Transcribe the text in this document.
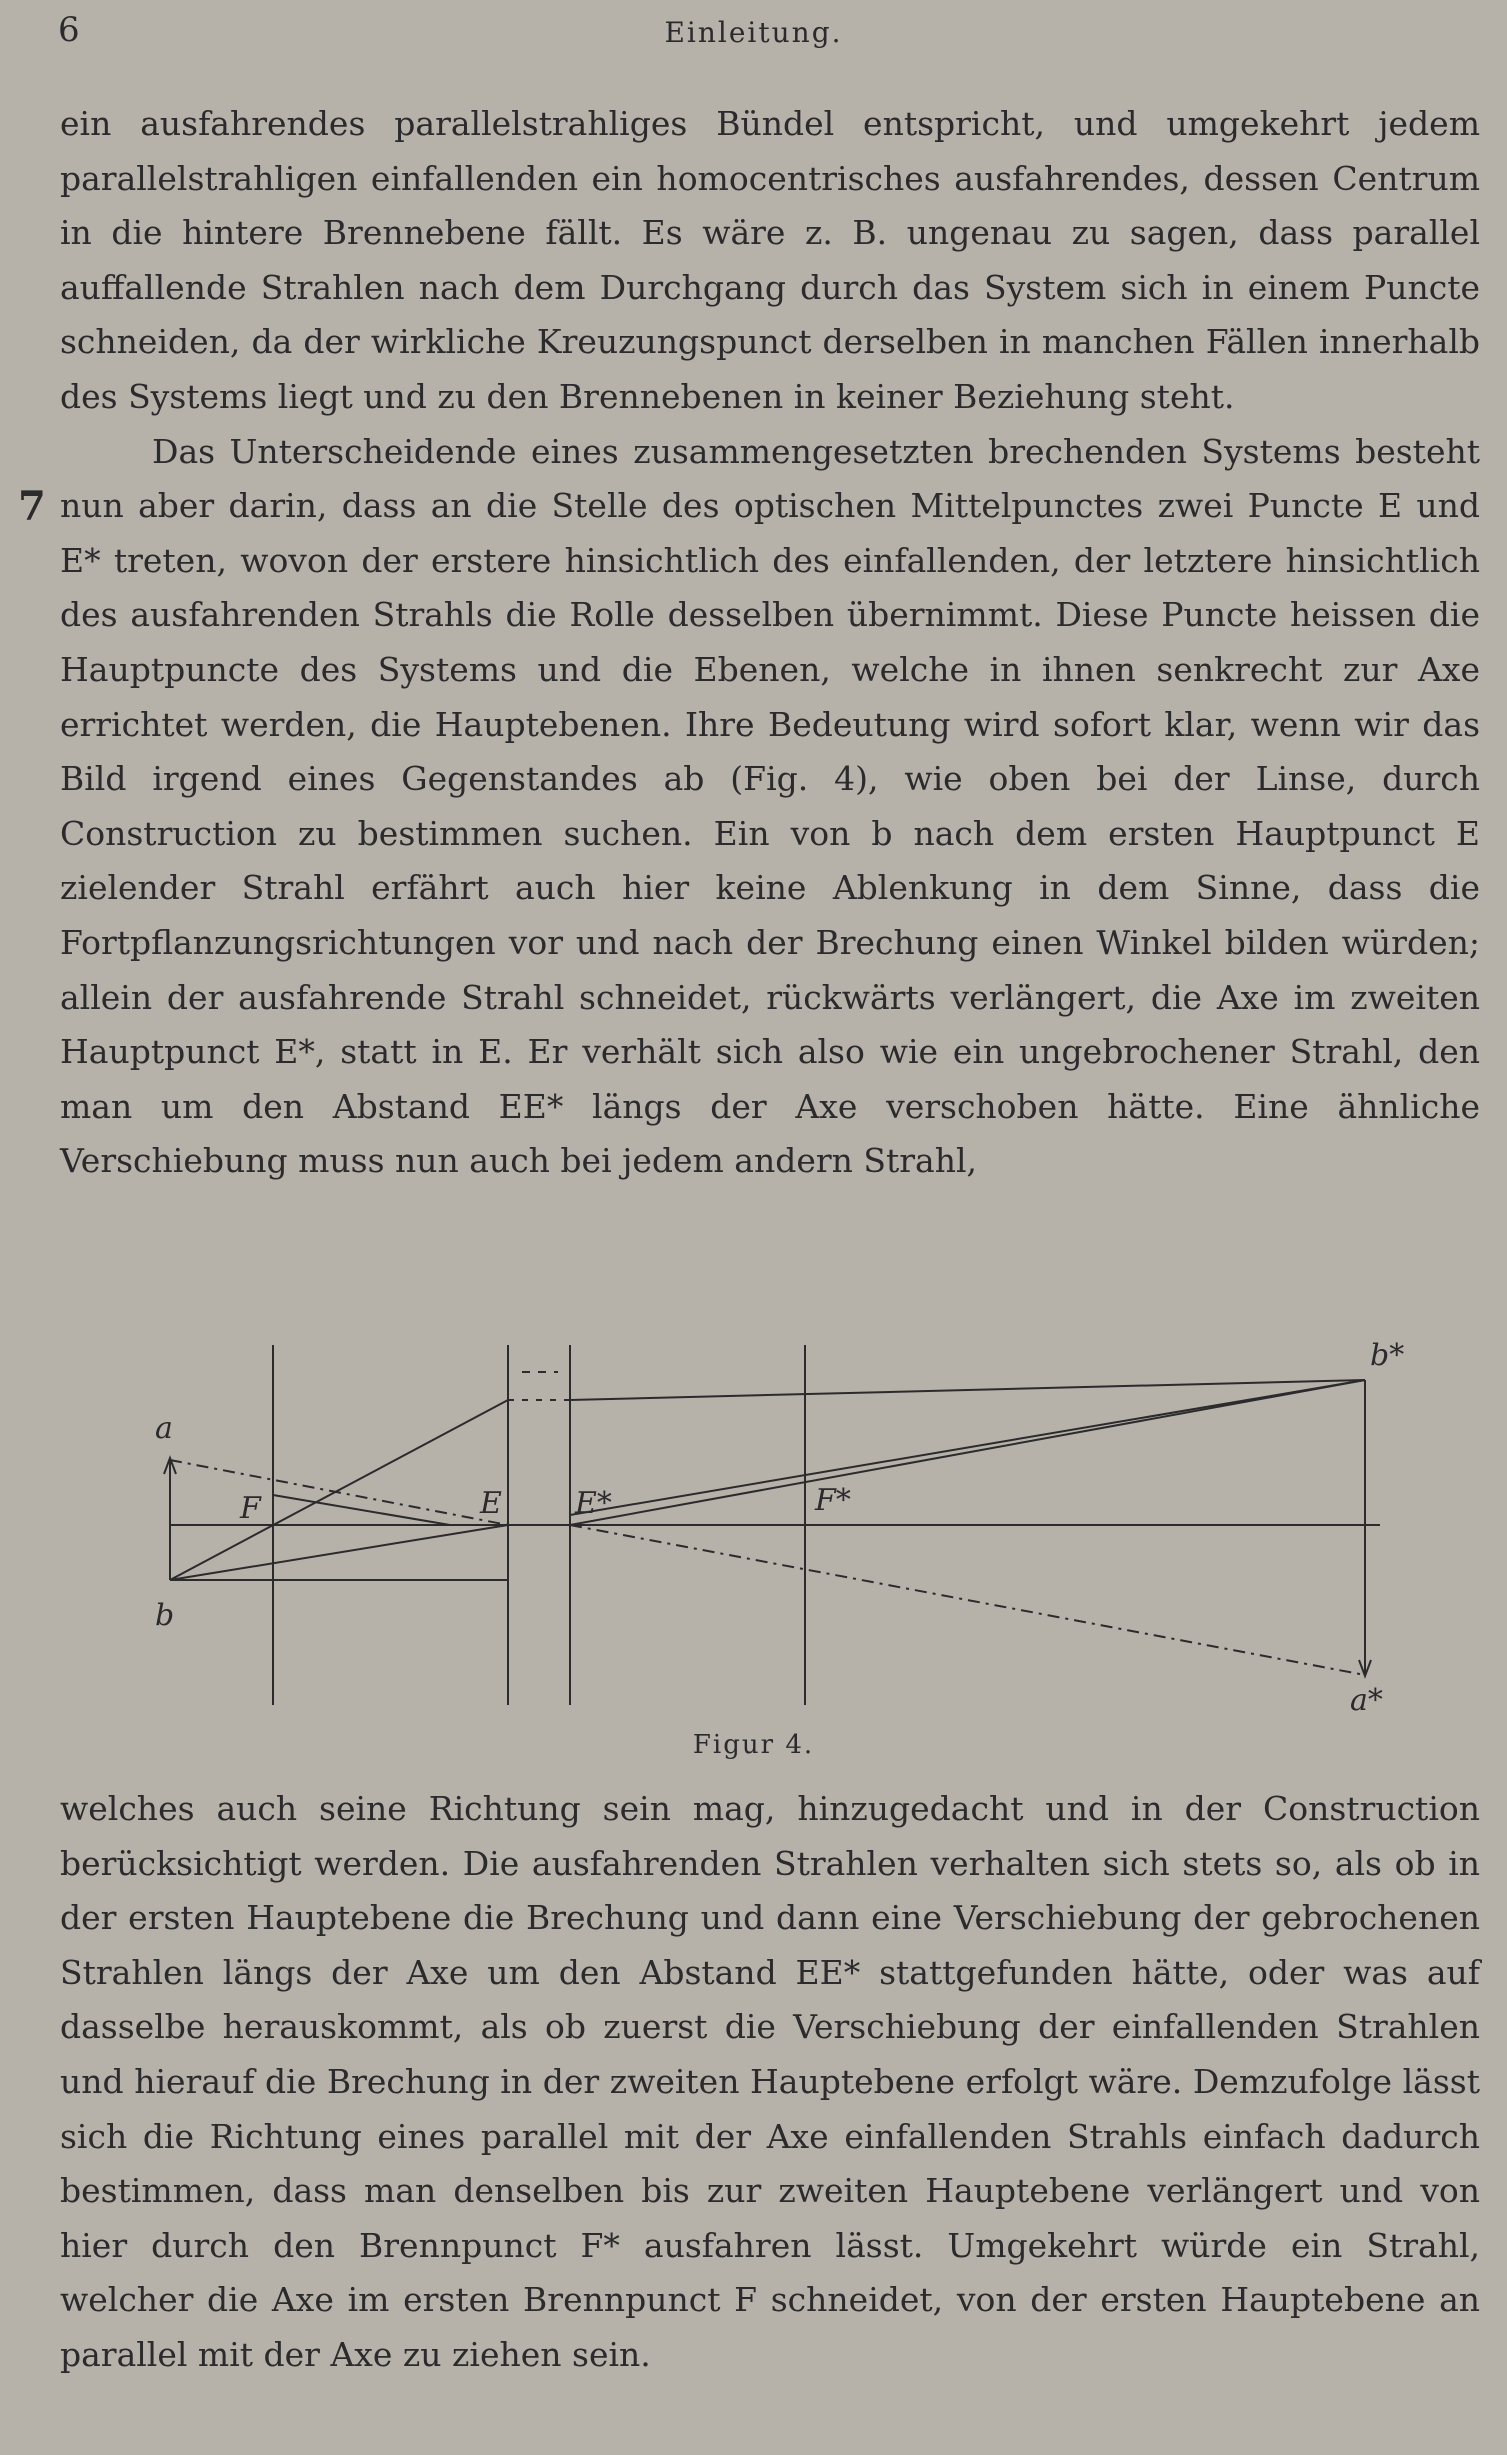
6	Einleitung.
7

ein ausfahrendes parallelstrahliges Bündel entspricht, und umgekehrt jedem parallelstrahligen einfallenden ein homocentrisches ausfahrendes, dessen Centrum in die hintere Brennebene fällt. Es wäre z. B. ungenau zu sagen, dass parallel auffallende Strahlen nach dem Durchgang durch das System sich in einem Puncte schneiden, da der wirkliche Kreuzungspunct derselben in manchen Fällen innerhalb des Systems liegt und zu den Brennebenen in keiner Beziehung steht.

Das Unterscheidende eines zusammengesetzten brechenden Systems besteht nun aber darin, dass an die Stelle des optischen Mittelpunctes zwei Puncte E und E* treten, wovon der erstere hinsichtlich des einfallenden, der letztere hinsichtlich des ausfahrenden Strahls die Rolle desselben übernimmt. Diese Puncte heissen die Hauptpuncte des Systems und die Ebenen, welche in ihnen senkrecht zur Axe errichtet werden, die Hauptebenen. Ihre Bedeutung wird sofort klar, wenn wir das Bild irgend eines Gegenstandes ab (Fig. 4), wie oben bei der Linse, durch Construction zu bestimmen suchen. Ein von b nach dem ersten Hauptpunct E zielender Strahl erfährt auch hier keine Ablenkung in dem Sinne, dass die Fortpflanzungsrichtungen vor und nach der Brechung einen Winkel bilden würden; allein der ausfahrende Strahl schneidet, rückwärts verlängert, die Axe im zweiten Hauptpunct E*, statt in E. Er verhält sich also wie ein ungebrochener Strahl, den man um den Abstand EE* längs der Axe verschoben hätte. Eine ähnliche Verschiebung muss nun auch bei jedem andern Strahl,

a
b
F	E E*	F*
b*
a*
Figur 4.

welches auch seine Richtung sein mag, hinzugedacht und in der Construction berücksichtigt werden. Die ausfahrenden Strahlen verhalten sich stets so, als ob in der ersten Hauptebene die Brechung und dann eine Verschiebung der gebrochenen Strahlen längs der Axe um den Abstand EE* stattgefunden hätte, oder was auf dasselbe herauskommt, als ob zuerst die Verschiebung der einfallenden Strahlen und hierauf die Brechung in der zweiten Hauptebene erfolgt wäre. Demzufolge lässt sich die Richtung eines parallel mit der Axe einfallenden Strahls einfach dadurch bestimmen, dass man denselben bis zur zweiten Hauptebene verlängert und von hier durch den Brennpunct F* ausfahren lässt. Umgekehrt würde ein Strahl, welcher die Axe im ersten Brennpunct F schneidet, von der ersten Hauptebene an parallel mit der Axe zu ziehen sein.
